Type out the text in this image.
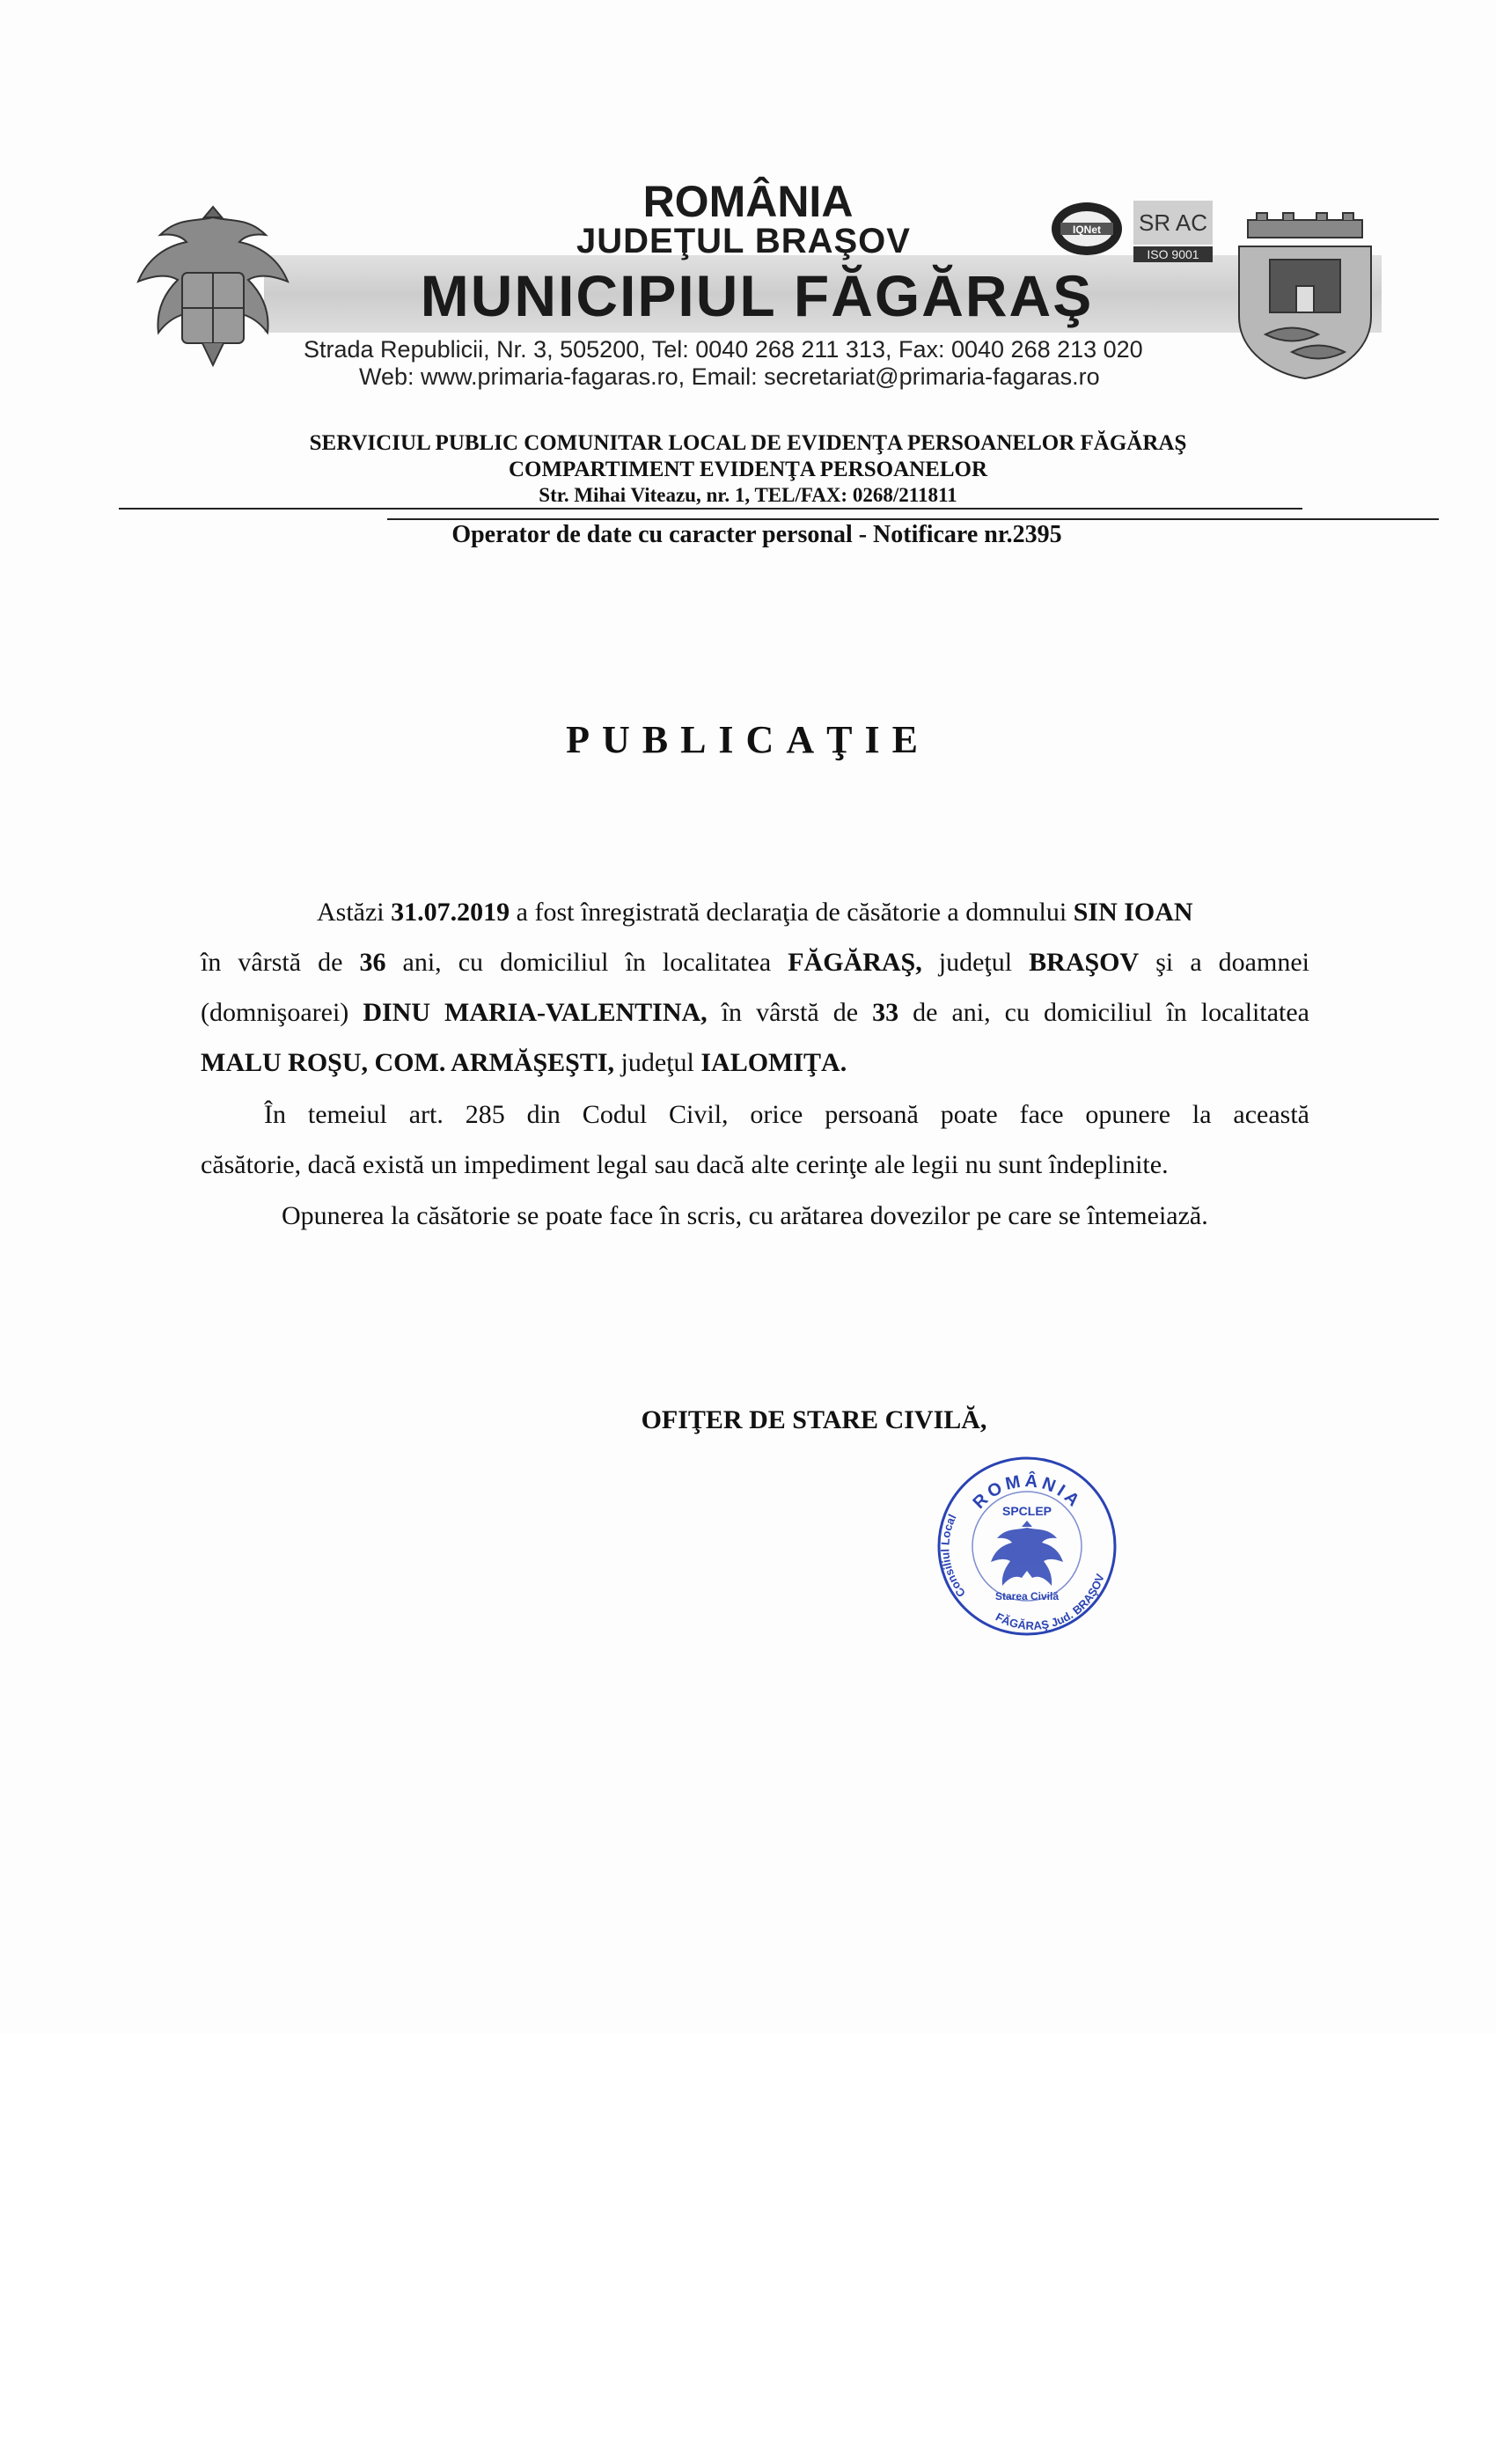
ROMÂNIA
JUDEŢUL BRAŞOV
MUNICIPIUL FĂGĂRAŞ
Strada Republicii, Nr. 3, 505200, Tel: 0040 268 211 313, Fax: 0040 268 213 020
Web: www.primaria-fagaras.ro, Email: secretariat@primaria-fagaras.ro
IQNet SR AC
ISO 9001
SERVICIUL PUBLIC COMUNITAR LOCAL DE EVIDENŢA PERSOANELOR FĂGĂRAŞ
COMPARTIMENT EVIDENŢA PERSOANELOR
Str. Mihai Viteazu, nr. 1, TEL/FAX: 0268/211811
Operator de date cu caracter personal - Notificare nr.2395
PUBLICAŢIE
Astăzi 31.07.2019 a fost înregistrată declaraţia de căsătorie a domnului SIN IOAN
în vârstă de 36 ani, cu domiciliul în localitatea FĂGĂRAŞ, judeţul BRAŞOV şi a doamnei
(domnişoarei) DINU MARIA-VALENTINA, în vârstă de 33 de ani, cu domiciliul în localitatea
MALU ROŞU, COM. ARMĂŞEŞTI, judeţul IALOMIŢA.
În temeiul art. 285 din Codul Civil, orice persoană poate face opunere la această
căsătorie, dacă există un impediment legal sau dacă alte cerinţe ale legii nu sunt îndeplinite.
Opunerea la căsătorie se poate face în scris, cu arătarea dovezilor pe care se întemeiază.
OFIŢER DE STARE CIVILĂ,
ROMÂNIA
SPCLEP
Consiliul Local
FĂGĂRAŞ Jud. BRAŞOV
Starea Civilă
